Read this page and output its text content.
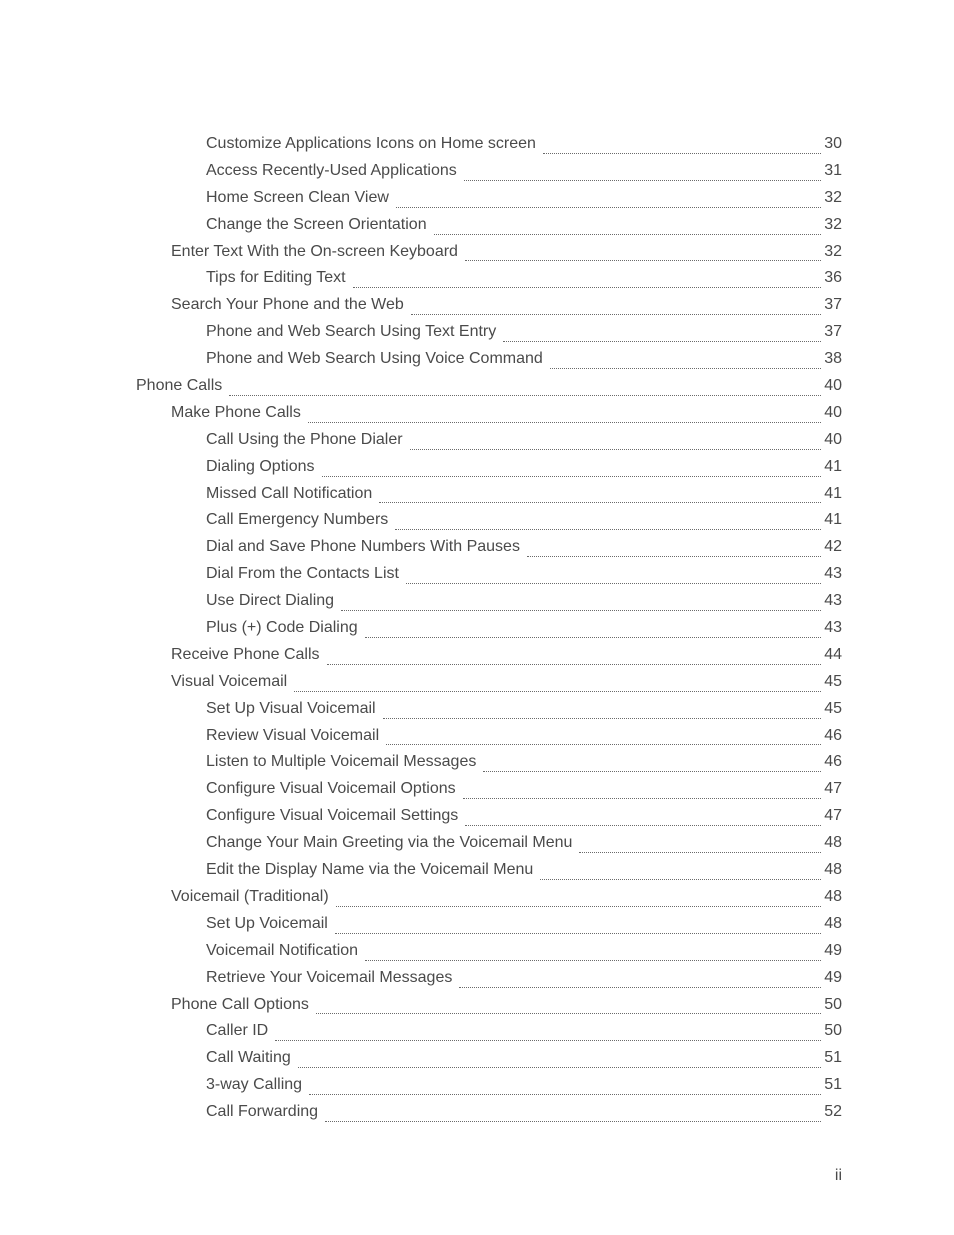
Customize Applications Icons on Home screen	30
Access Recently-Used Applications	31
Home Screen Clean View	32
Change the Screen Orientation	32
Enter Text With the On-screen Keyboard	32
Tips for Editing Text	36
Search Your Phone and the Web	37
Phone and Web Search Using Text Entry	37
Phone and Web Search Using Voice Command	38
Phone Calls	40
Make Phone Calls	40
Call Using the Phone Dialer	40
Dialing Options	41
Missed Call Notification	41
Call Emergency Numbers	41
Dial and Save Phone Numbers With Pauses	42
Dial From the Contacts List	43
Use Direct Dialing	43
Plus (+) Code Dialing	43
Receive Phone Calls	44
Visual Voicemail	45
Set Up Visual Voicemail	45
Review Visual Voicemail	46
Listen to Multiple Voicemail Messages	46
Configure Visual Voicemail Options	47
Configure Visual Voicemail Settings	47
Change Your Main Greeting via the Voicemail Menu	48
Edit the Display Name via the Voicemail Menu	48
Voicemail (Traditional)	48
Set Up Voicemail	48
Voicemail Notification	49
Retrieve Your Voicemail Messages	49
Phone Call Options	50
Caller ID	50
Call Waiting	51
3-way Calling	51
Call Forwarding	52
ii
